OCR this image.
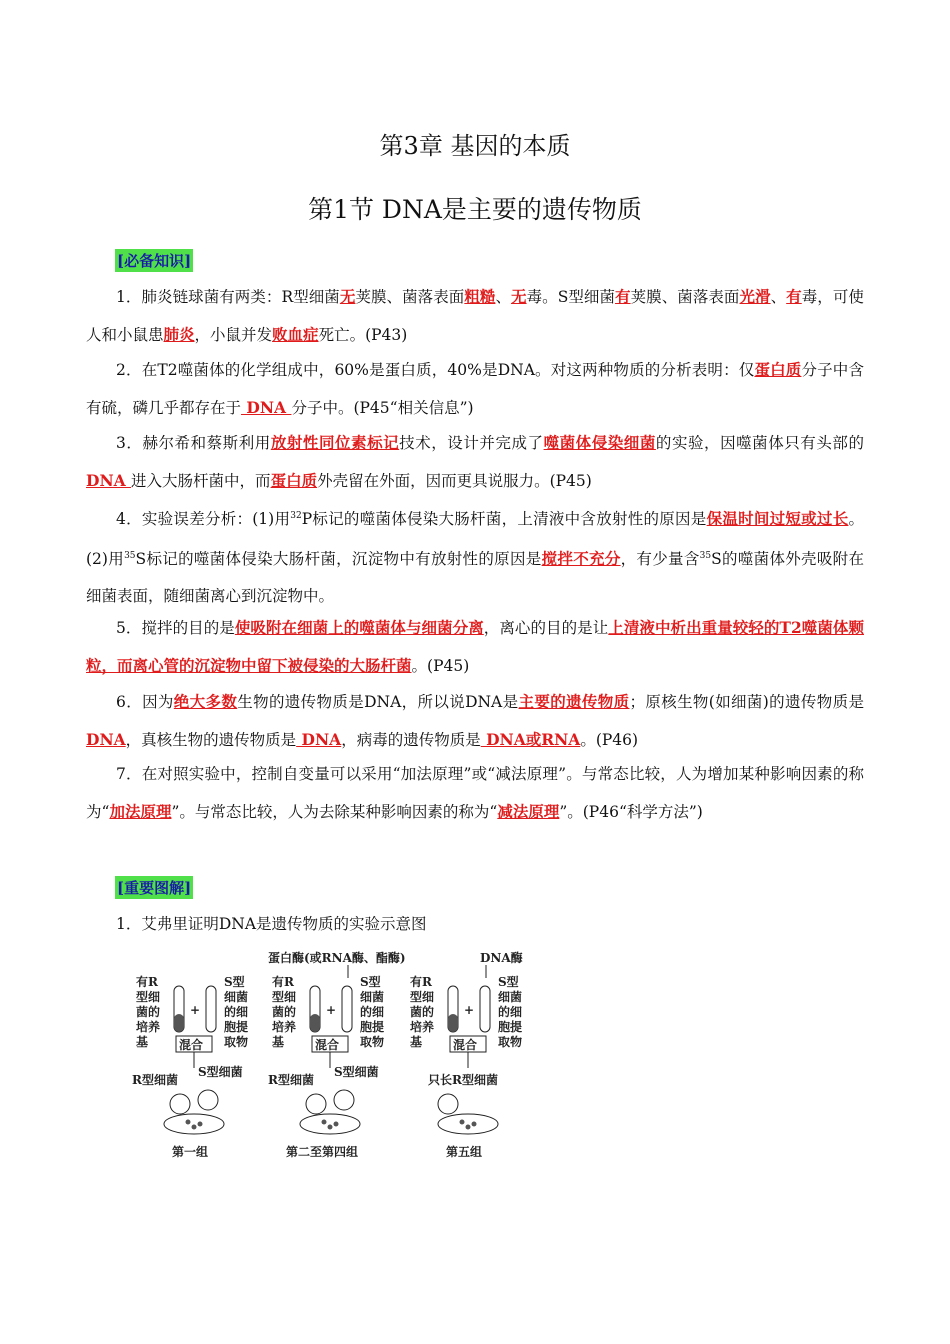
第3章 基因的本质
第1节 DNA是主要的遗传物质
[必备知识]
1．肺炎链球菌有两类：R型细菌无荚膜、菌落表面粗糙、无毒。S型细菌有荚膜、菌落表面光滑、有毒，可使人和小鼠患肺炎，小鼠并发败血症死亡。(P43)
2．在T2噬菌体的化学组成中，60%是蛋白质，40%是DNA。对这两种物质的分析表明：仅蛋白质分子中含有硫，磷几乎都存在于 DNA 分子中。(P45“相关信息”)
3．赫尔希和蔡斯利用放射性同位素标记技术，设计并完成了噬菌体侵染细菌的实验，因噬菌体只有头部的 DNA 进入大肠杆菌中，而蛋白质外壳留在外面，因而更具说服力。(P45)
4．实验误差分析：(1)用$^{32}$P标记的噬菌体侵染大肠杆菌，上清液中含放射性的原因是保温时间过短或过长。(2)用$^{35}$S标记的噬菌体侵染大肠杆菌，沉淀物中有放射性的原因是搅拌不充分，有少量含$^{35}$S的噬菌体外壳吸附在细菌表面，随细菌离心到沉淀物中。
5．搅拌的目的是使吸附在细菌上的噬菌体与细菌分离，离心的目的是让上清液中析出重量较轻的T2噬菌体颗粒，而离心管的沉淀物中留下被侵染的大肠杆菌。(P45)
6．因为绝大多数生物的遗传物质是DNA，所以说DNA是主要的遗传物质；原核生物(如细菌)的遗传物质是 DNA，真核生物的遗传物质是 DNA，病毒的遗传物质是 DNA或RNA。(P46)
7．在对照实验中，控制自变量可以采用“加法原理”或“减法原理”。与常态比较，人为增加某种影响因素的称为“加法原理”。与常态比较，人为去除某种影响因素的称为“减法原理”。(P46“科学方法”)
[重要图解]
1．艾弗里证明DNA是遗传物质的实验示意图
蛋白酶(或RNA酶、酯酶)	DNA酶
有R
型细
菌的
培养
基
+
S型
细菌
的细
胞提
取物
混合
R型细菌
S型细菌
第一组
有R
型细
菌的
培养
基
+
S型
细菌
的细
胞提
取物
混合
R型细菌
S型细菌
第二至第四组
有R
型细
菌的
培养
基
+
S型
细菌
的细
胞提
取物
混合
只长R型细菌
第五组
